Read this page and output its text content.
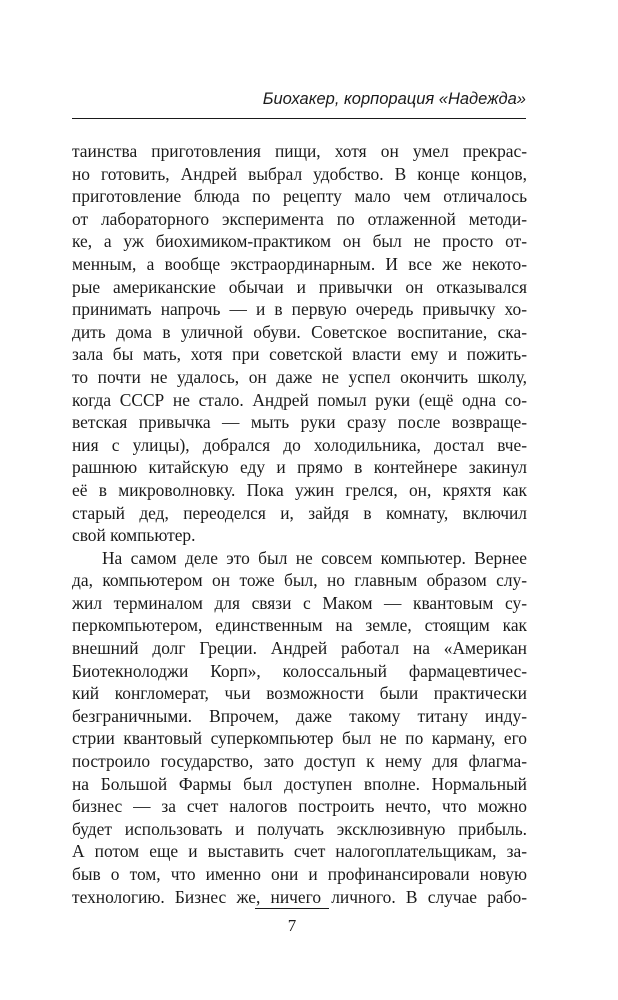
Биохакер, корпорация «Надежда»
таинства приготовления пищи, хотя он умел прекрас-
но готовить, Андрей выбрал удобство. В конце концов,
приготовление блюда по рецепту мало чем отличалось
от лабораторного эксперимента по отлаженной методи-
ке, а уж биохимиком-практиком он был не просто от-
менным, а вообще экстраординарным. И все же некото-
рые американские обычаи и привычки он отказывался
принимать напрочь — и в первую очередь привычку хо-
дить дома в уличной обуви. Советское воспитание, ска-
зала бы мать, хотя при советской власти ему и пожить-
то почти не удалось, он даже не успел окончить школу,
когда СССР не стало. Андрей помыл руки (ещё одна со-
ветская привычка — мыть руки сразу после возвраще-
ния с улицы), добрался до холодильника, достал вче-
рашнюю китайскую еду и прямо в контейнере закинул
её в микроволновку. Пока ужин грелся, он, кряхтя как
старый дед, переоделся и, зайдя в комнату, включил
свой компьютер.
На самом деле это был не совсем компьютер. Вернее
да, компьютером он тоже был, но главным образом слу-
жил терминалом для связи с Маком — квантовым су-
перкомпьютером, единственным на земле, стоящим как
внешний долг Греции. Андрей работал на «Американ
Биотекнолоджи Корп», колоссальный фармацевтичес-
кий конгломерат, чьи возможности были практически
безграничными. Впрочем, даже такому титану инду-
стрии квантовый суперкомпьютер был не по карману, его
построило государство, зато доступ к нему для флагма-
на Большой Фармы был доступен вполне. Нормальный
бизнес — за счет налогов построить нечто, что можно
будет использовать и получать эксклюзивную прибыль.
А потом еще и выставить счет налогоплательщикам, за-
быв о том, что именно они и профинансировали новую
технологию. Бизнес же, ничего личного. В случае рабо-
7
